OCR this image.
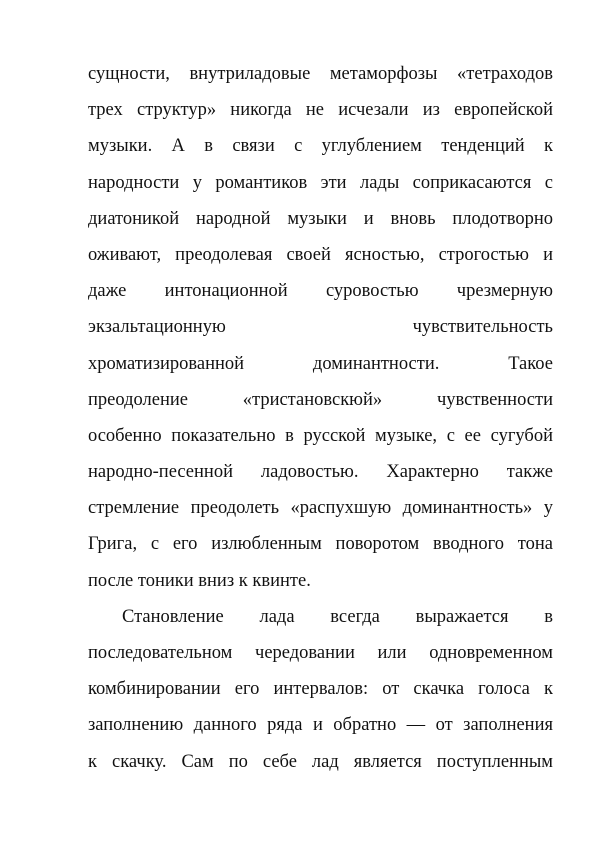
сущности, внутриладовые метаморфозы «тетраходов
трех структур» никогда не исчезали из европейской
музыки. А в связи с углублением тенденций к
народности у романтиков эти лады соприкасаются с
диатоникой народной музыки и вновь плодотворно
оживают, преодолевая своей ясностью, строгостью и
даже интонационной суровостью чрезмерную
экзальтационную чувствительность
хроматизированной доминантности. Такое
преодоление «тристановскюй» чувственности
особенно показательно в русской музыке, с ее сугубой
народно-песенной ладовостью. Характерно также
стремление преодолеть «распухшую доминантность» у
Грига, с его излюбленным поворотом вводного тона
после тоники вниз к квинте.
Становление лада всегда выражается в
последовательном чередовании или одновременном
комбинировании его интервалов: от скачка голоса к
заполнению данного ряда и обратно — от заполнения
к скачку. Сам по себе лад является поступленным
